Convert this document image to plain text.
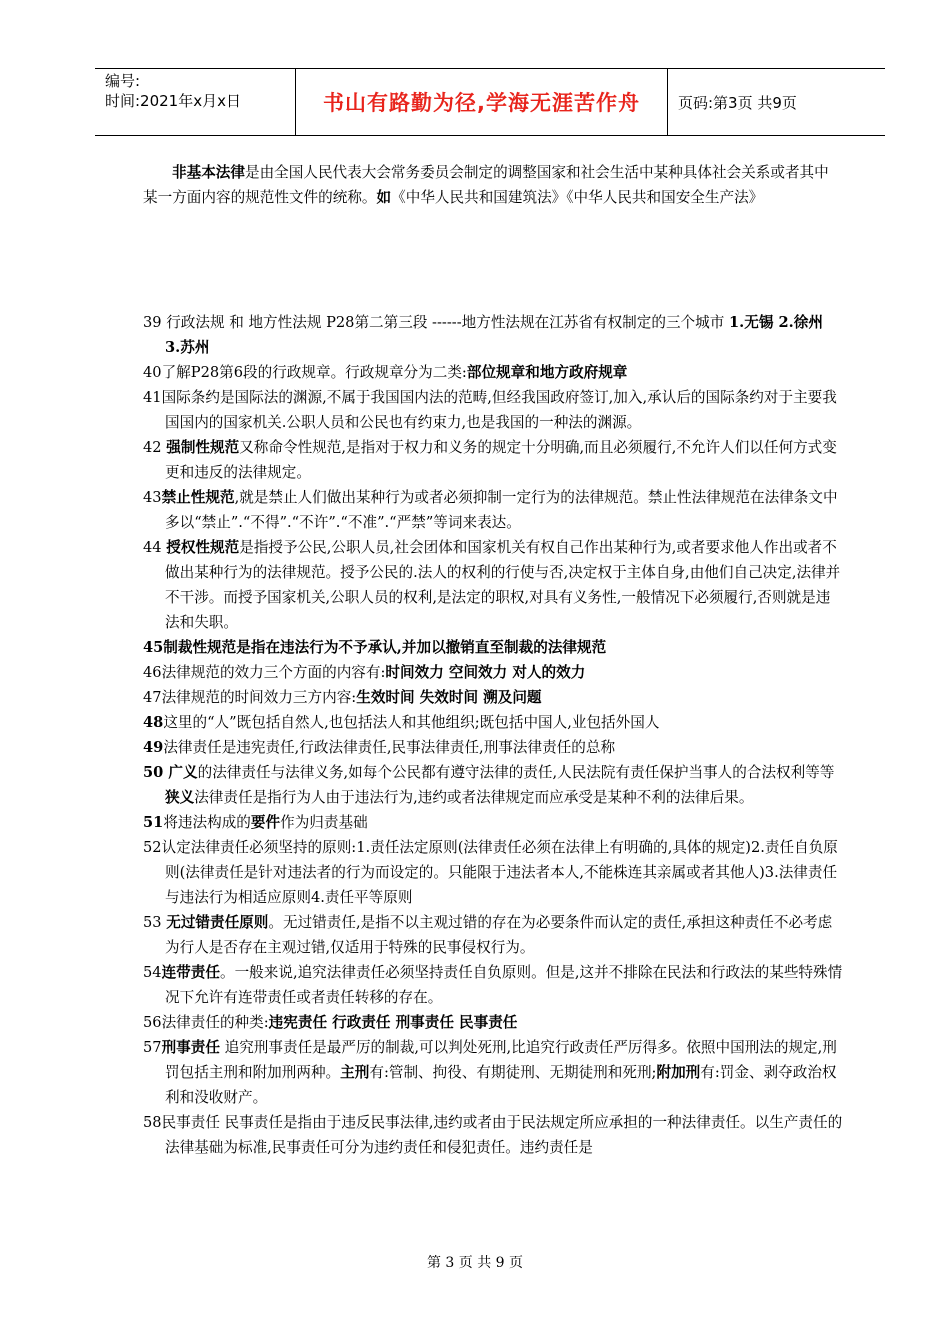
编号:
时间:2021年x月x日	书山有路勤为径,学海无涯苦作舟	页码:第3页 共9页

非基本法律是由全国人民代表大会常务委员会制定的调整国家和社会生活中某种具体社会关系或者其中某一方面内容的规范性文件的统称。如《中华人民共和国建筑法》《中华人民共和国安全生产法》

39 行政法规 和 地方性法规 P28第二第三段 ------地方性法规在江苏省有权制定的三个城市 1.无锡 2.徐州 3.苏州

40了解P28第6段的行政规章。行政规章分为二类:部位规章和地方政府规章

41国际条约是国际法的渊源,不属于我国国内法的范畴,但经我国政府签订,加入,承认后的国际条约对于主要我国国内的国家机关.公职人员和公民也有约束力,也是我国的一种法的渊源。

42 强制性规范又称命令性规范,是指对于权力和义务的规定十分明确,而且必须履行,不允许人们以任何方式变更和违反的法律规定。

43禁止性规范,就是禁止人们做出某种行为或者必须抑制一定行为的法律规范。禁止性法律规范在法律条文中多以“禁止”.“不得”.“不许”.“不准”.“严禁”等词来表达。

44 授权性规范是指授予公民,公职人员,社会团体和国家机关有权自己作出某种行为,或者要求他人作出或者不做出某种行为的法律规范。授予公民的.法人的权利的行使与否,决定权于主体自身,由他们自己决定,法律并不干涉。而授予国家机关,公职人员的权利,是法定的职权,对具有义务性,一般情况下必须履行,否则就是违法和失职。

45制裁性规范是指在违法行为不予承认,并加以撤销直至制裁的法律规范

46法律规范的效力三个方面的内容有:时间效力 空间效力 对人的效力

47法律规范的时间效力三方内容:生效时间 失效时间 溯及问题

48这里的“人”既包括自然人,也包括法人和其他组织;既包括中国人,业包括外国人

49法律责任是违宪责任,行政法律责任,民事法律责任,刑事法律责任的总称

50 广义的法律责任与法律义务,如每个公民都有遵守法律的责任,人民法院有责任保护当事人的合法权利等等

狭义法律责任是指行为人由于违法行为,违约或者法律规定而应承受是某种不利的法律后果。

51将违法构成的要件作为归责基础

52认定法律责任必须坚持的原则:1.责任法定原则(法律责任必须在法律上有明确的,具体的规定)2.责任自负原则(法律责任是针对违法者的行为而设定的。只能限于违法者本人,不能株连其亲属或者其他人)3.法律责任与违法行为相适应原则4.责任平等原则

53 无过错责任原则。无过错责任,是指不以主观过错的存在为必要条件而认定的责任,承担这种责任不必考虑为行人是否存在主观过错,仅适用于特殊的民事侵权行为。

54连带责任。一般来说,追究法律责任必须坚持责任自负原则。但是,这并不排除在民法和行政法的某些特殊情况下允许有连带责任或者责任转移的存在。

56法律责任的种类:违宪责任 行政责任 刑事责任 民事责任

57刑事责任 追究刑事责任是最严厉的制裁,可以判处死刑,比追究行政责任严厉得多。依照中国刑法的规定,刑罚包括主刑和附加刑两种。主刑有:管制、拘役、有期徒刑、无期徒刑和死刑;附加刑有:罚金、剥夺政治权利和没收财产。

58民事责任 民事责任是指由于违反民事法律,违约或者由于民法规定所应承担的一种法律责任。以生产责任的法律基础为标准,民事责任可分为违约责任和侵犯责任。违约责任是

第 3 页 共 9 页
